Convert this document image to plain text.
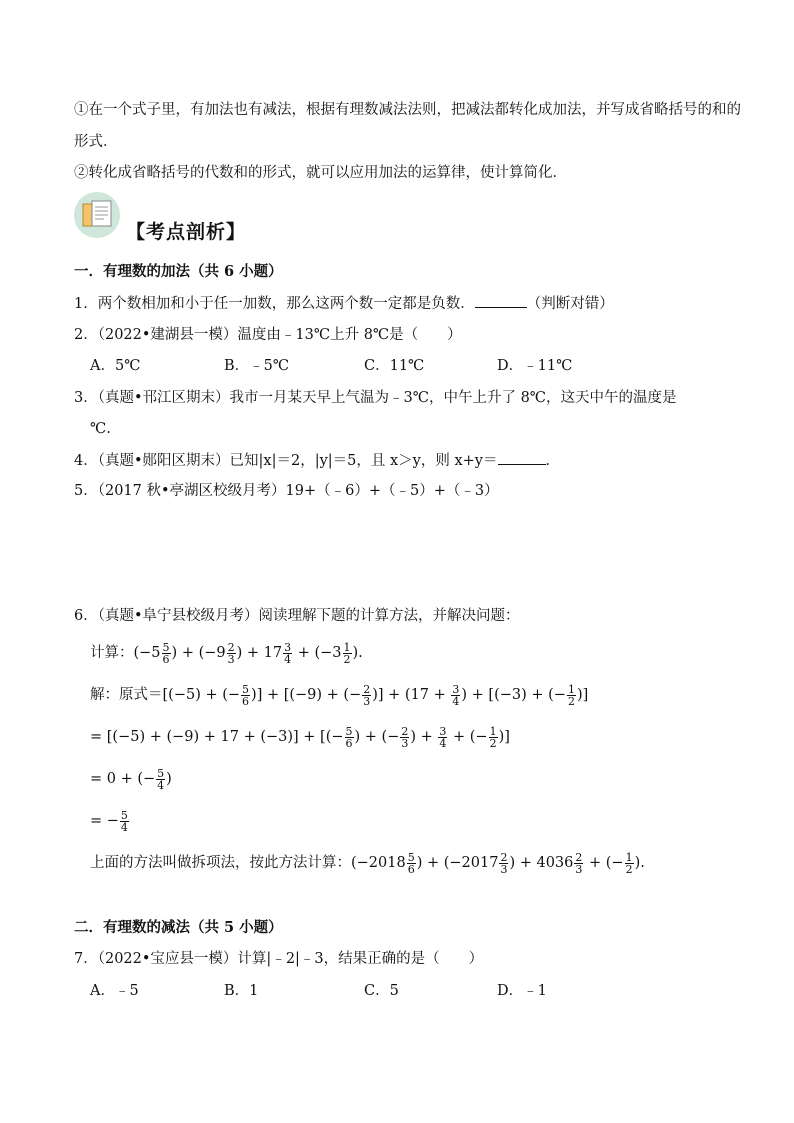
①在一个式子里，有加法也有减法，根据有理数减法法则，把减法都转化成加法，并写成省略括号的和的
形式．
②转化成省略括号的代数和的形式，就可以应用加法的运算律，使计算简化．
【考点剖析】
一．有理数的加法（共 6 小题）
1．两个数相加和小于任一加数，那么这两个数一定都是负数．	（判断对错）
2．（2022•建湖县一模）温度由﹣13℃上升 8℃是（　　）
A．5℃	B．﹣5℃	C．11℃	D．﹣11℃
3．（真题•邗江区期末）我市一月某天早上气温为﹣3℃，中午上升了 8℃，这天中午的温度是
℃.
4．（真题•郧阳区期末）已知|x|＝2，|y|＝5，且 x＞y，则 x+y＝	．
5．（2017 秋•亭湖区校级月考）19+（﹣6）+（﹣5）+（﹣3）
6．（真题•阜宁县校级月考）阅读理解下题的计算方法，并解决问题：
计算：($-5 \frac{5}{6}$ ) + ($-9 \frac{2}{3}$ ) + $17 \frac{3}{4} + (-3 \frac{1}{2}$ ).
解：原式＝[(−5) + (− $\frac{5}{6}$ )] + [(−9) + (− $\frac{2}{3}$ )] + ($17 + \frac{3}{4}$ ) + [(−3) + (− $\frac{1}{2}$ )]
= [(−5) + (−9) + 17 + (−3)] + [(− $\frac{5}{6}$ ) + (− $\frac{2}{3}$ ) + $\frac{3}{4}$ + (− $\frac{1}{2}$ )]
= 0 + (− $\frac{5}{4}$ )
= − $\frac{5}{4}$
上面的方法叫做拆项法，按此方法计算：($-2018 \frac{5}{6}$ ) + ($-2017 \frac{2}{3}$ ) + $4036 \frac{2}{3}$ + (− $\frac{1}{2}$ ).
二．有理数的减法（共 5 小题）
7．（2022•宝应县一模）计算|﹣2|﹣3，结果正确的是（　　）
A．﹣5	B．1	C．5	D．﹣1
